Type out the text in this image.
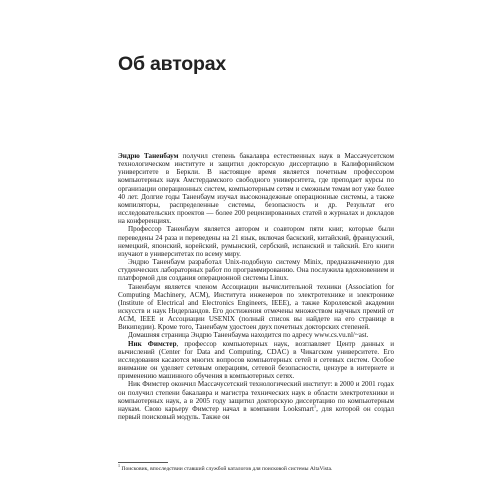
Об авторах

Эндрю Таненбаум получил степень бакалавра естественных наук в Массачусетском технологическом институте и защитил докторскую диссертацию в Калифорнийском университете в Беркли. В настоящее время является почетным профессором компьютерных наук Амстердамского свободного университета, где преподает курсы по организации операционных систем, компьютерным сетям и смежным темам вот уже более 40 лет. Долгие годы Таненбаум изучал высоконадежные операционные системы, а также компиляторы, распределенные системы, безопасность и др. Результат его исследовательских проектов — более 200 рецензированных статей в журналах и докладов на конференциях.

Профессор Таненбаум является автором и соавтором пяти книг, которые были переведены 24 раза и переведены на 21 язык, включая баскский, китайский, французский, немецкий, японский, корейский, румынский, сербский, испанский и тайский. Его книги изучают в университетах по всему миру.

Эндрю Таненбаум разработал Unix-подобную систему Minix, предназначенную для студенческих лабораторных работ по программированию. Она послужила вдохновением и платформой для создания операционной системы Linux.

Таненбаум является членом Ассоциации вычислительной техники (Association for Computing Machinery, ACM), Института инженеров по электротехнике и электронике (Institute of Electrical and Electronics Engineers, IEEE), а также Королевской академии искусств и наук Нидерландов. Его достижения отмечены множеством научных премий от ACM, IEEE и Ассоциации USENIX (полный список вы найдете на его странице в Википедии). Кроме того, Таненбаум удостоен двух почетных докторских степеней.

Домашняя страница Эндрю Таненбаума находится по адресу www.cs.vu.nl/~ast.

Ник Фимстер, профессор компьютерных наук, возглавляет Центр данных и вычислений (Center for Data and Computing, CDAC) в Чикагском университете. Его исследования касаются многих вопросов компьютерных сетей и сетевых систем. Особое внимание он уделяет сетевым операциям, сетевой безопасности, цензуре в интернете и применению машинного обучения в компьютерных сетях.

Ник Фимстер окончил Массачусетский технологический институт: в 2000 и 2001 годах он получил степени бакалавра и магистра технических наук в области электротехники и компьютерных наук, а в 2005 году защитил докторскую диссертацию по компьютерным наукам. Свою карьеру Фимстер начал в компании Looksmart$^1$, для которой он создал первый поисковый модуль. Также он

$^1$ Поисковик, впоследствии ставший службой каталогов для поисковой системы AltaVista.
